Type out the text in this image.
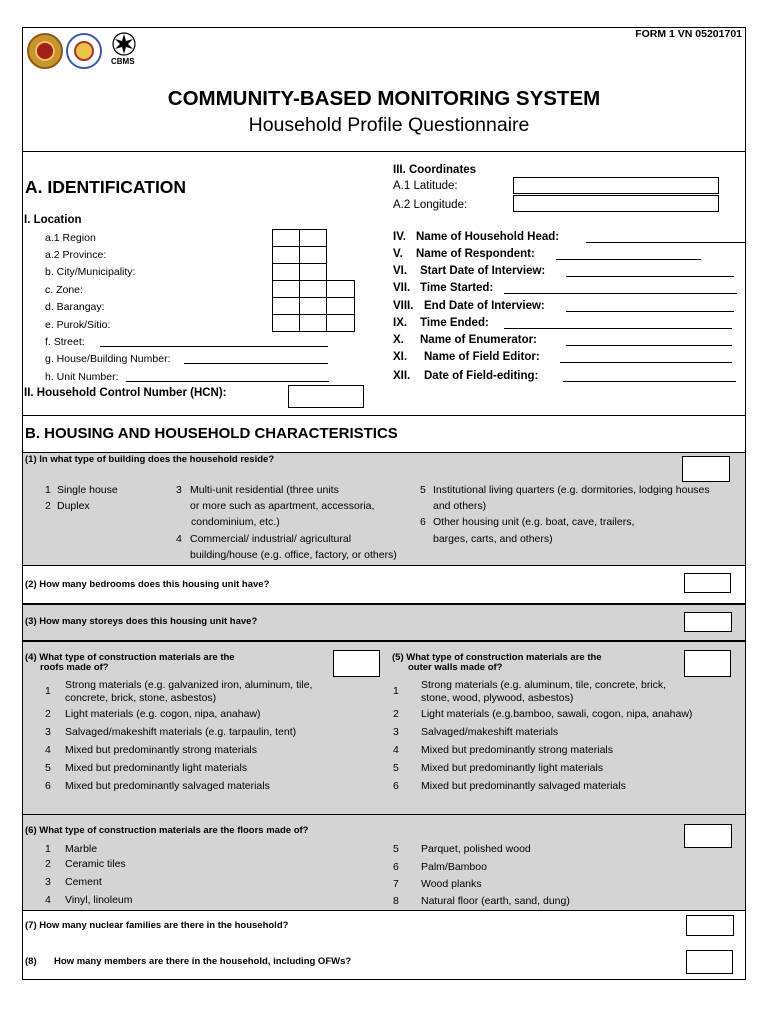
FORM 1 VN 05201701
CBMS
COMMUNITY-BASED MONITORING SYSTEM
Household Profile Questionnaire
A. IDENTIFICATION
I. Location
a.1 Region
a.2 Province:
b. City/Municipality:
c. Zone:
d. Barangay:
e. Purok/Sitio:
f. Street:
g. House/Building Number:
h. Unit Number:
II. Household Control Number (HCN):
III. Coordinates
A.1 Latitude:
A.2 Longitude:
IV. Name of Household Head:
V. Name of Respondent:
VI. Start Date of Interview:
VII. Time Started:
VIII. End Date of Interview:
IX. Time Ended:
X. Name of Enumerator:
XI. Name of Field Editor:
XII. Date of Field-editing:
B. HOUSING AND HOUSEHOLD CHARACTERISTICS
(1) In what type of building does the household reside?
1 Single house
2 Duplex
3 Multi-unit residential (three units
or more such as apartment, accessoria,
condominium, etc.)
4 Commercial/ industrial/ agricultural
building/house (e.g. office, factory, or others)
5 Institutional living quarters (e.g. dormitories, lodging houses
and others)
6 Other housing unit (e.g. boat, cave, trailers,
barges, carts, and others)
(2) How many bedrooms does this housing unit have?
(3) How many storeys does this housing unit have?
(4) What type of construction materials are the
roofs made of?
1 Strong materials (e.g. galvanized iron, aluminum, tile,
concrete, brick, stone, asbestos)
2 Light materials (e.g. cogon, nipa, anahaw)
3 Salvaged/makeshift materials (e.g. tarpaulin, tent)
4 Mixed but predominantly strong materials
5 Mixed but predominantly light materials
6 Mixed but predominantly salvaged materials
(5) What type of construction materials are the
outer walls made of?
1 Strong materials (e.g. aluminum, tile, concrete, brick,
stone, wood, plywood, asbestos)
2 Light materials (e.g.bamboo, sawali, cogon, nipa, anahaw)
3 Salvaged/makeshift materials
4 Mixed but predominantly strong materials
5 Mixed but predominantly light materials
6 Mixed but predominantly salvaged materials
(6) What type of construction materials are the floors made of?
1 Marble
2 Ceramic tiles
3 Cement
4 Vinyl, linoleum
5 Parquet, polished wood
6 Palm/Bamboo
7 Wood planks
8 Natural floor (earth, sand, dung)
(7) How many nuclear families are there in the household?
(8) How many members are there in the household, including OFWs?
